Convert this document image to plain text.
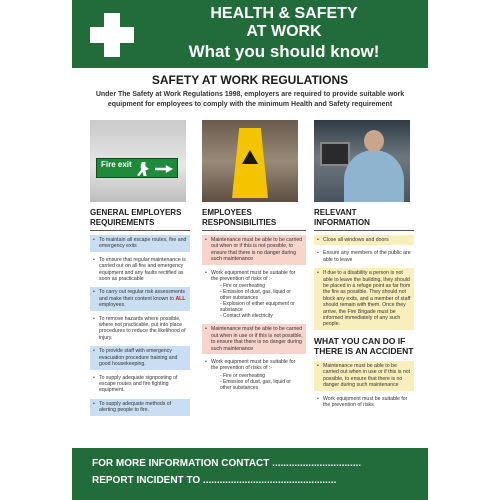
HEALTH & SAFETY
AT WORK
What you should know!
SAFETY AT WORK REGULATIONS
Under The Safety at Work Regulations 1998, employers are required to provide suitable work equipment for employees to comply with the minimum Health and Safety requirement
Fire exit
GENERAL EMPLOYERS REQUIREMENTS
• To maintain all escape routes, fire and emergency exits
• To ensure that regular maintenance is carried out on all fire and emergency equipment and any faults rectified as soon as practicable
• To carry out regular risk assessments and make their content known to ALL employees.
• To remove hazards where possible, where not practicable, put into place procedures to reduce the likelihood of injury.
• To provide staff with emergency evacuation procedure training and good housekeeping.
• To supply adequate signposting of escape routes and fire fighting equipment.
• To supply adequate methods of alerting people to fire.
EMPLOYEES RESPONSIBILITIES
• Maintenance must be able to be carried out when or if this is not possible, to ensure that there is no danger during such maintenance
• Work equipment must be suitable for the prevention of risks of :-
- Fire or overheating
- Emission of dust, gas, liquid or other substances
- Explosion of either equipment or substance
- Contact with electricity
• Maintenance must be able to be carried out when in use or if this is not possible, to ensure that there is no danger during such maintenance
• Work equipment must be suitable for the prevention of risks of :-
- Fire or overheating
- Emission of dust, gas, liquid or other substances
RELEVANT INFORMATION
• Close all windows and doors
• Ensure any members of the public are able to leave
• If due to a disability a person is not able to leave the building, they should be placed in a refuge point as far from the fire as possible. They should not block any exits, and a member of staff should remain with them. Once they arrive, the Fire Brigade must be informed immediately of any such people.
WHAT YOU CAN DO IF THERE IS AN ACCIDENT
• Maintenance must be able to be carried out when in use or if this is not possible, to ensure that there is no danger during such maintenance
• Work equipment must be suitable for the prevention of risks
FOR MORE INFORMATION CONTACT ................................
REPORT INCIDENT TO ................................................
